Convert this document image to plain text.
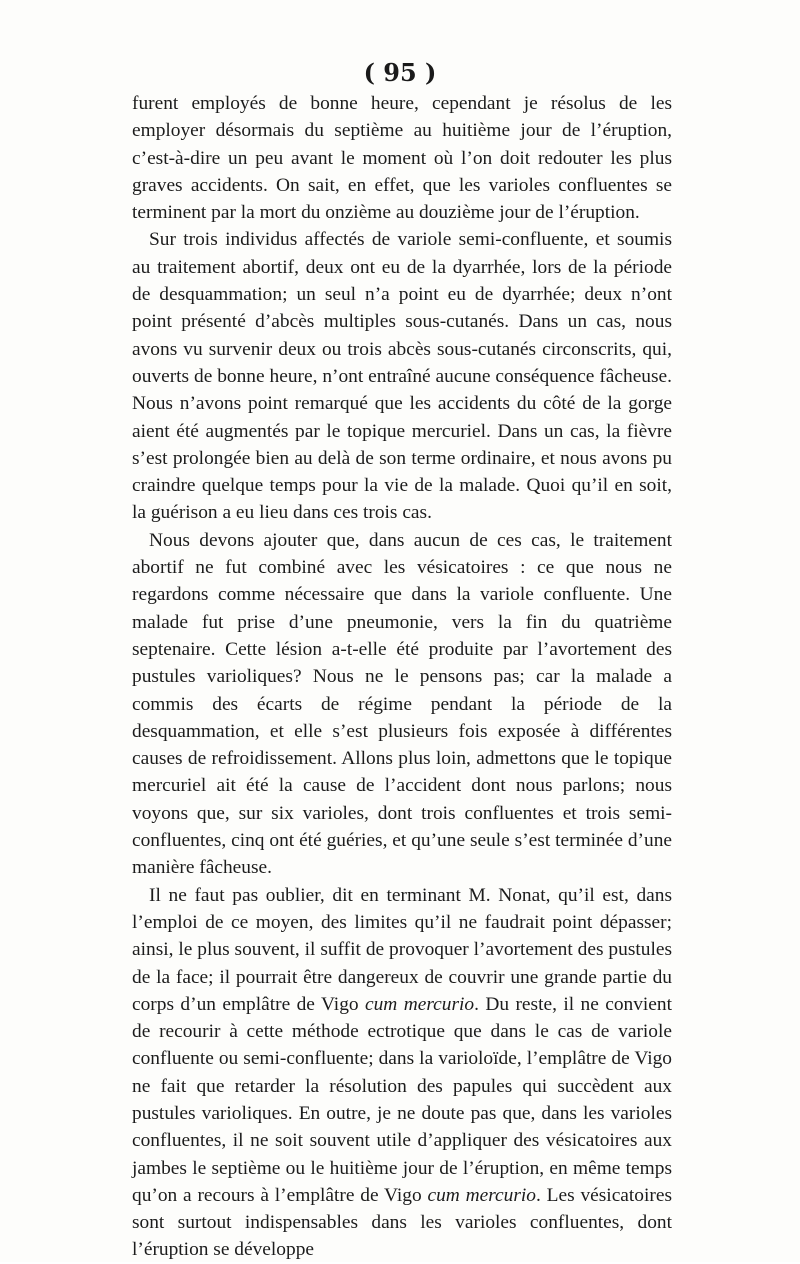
( 95 )

furent employés de bonne heure, cependant je résolus de les employer désormais du septième au huitième jour de l’éruption, c’est-à-dire un peu avant le moment où l’on doit redouter les plus graves accidents. On sait, en effet, que les varioles confluentes se terminent par la mort du onzième au douzième jour de l’éruption.

Sur trois individus affectés de variole semi-confluente, et soumis au traitement abortif, deux ont eu de la dyarrhée, lors de la période de desquammation; un seul n’a point eu de dyarrhée; deux n’ont point présenté d’abcès multiples sous-cutanés. Dans un cas, nous avons vu survenir deux ou trois abcès sous-cutanés circonscrits, qui, ouverts de bonne heure, n’ont entraîné aucune conséquence fâcheuse. Nous n’avons point remarqué que les accidents du côté de la gorge aient été augmentés par le topique mercuriel. Dans un cas, la fièvre s’est prolongée bien au delà de son terme ordinaire, et nous avons pu craindre quelque temps pour la vie de la malade. Quoi qu’il en soit, la guérison a eu lieu dans ces trois cas.

Nous devons ajouter que, dans aucun de ces cas, le traitement abortif ne fut combiné avec les vésicatoires : ce que nous ne regardons comme nécessaire que dans la variole confluente. Une malade fut prise d’une pneumonie, vers la fin du quatrième septenaire. Cette lésion a-t-elle été produite par l’avortement des pustules varioliques? Nous ne le pensons pas; car la malade a commis des écarts de régime pendant la période de la desquammation, et elle s’est plusieurs fois exposée à différentes causes de refroidissement. Allons plus loin, admettons que le topique mercuriel ait été la cause de l’accident dont nous parlons; nous voyons que, sur six varioles, dont trois confluentes et trois semi-confluentes, cinq ont été guéries, et qu’une seule s’est terminée d’une manière fâcheuse.

Il ne faut pas oublier, dit en terminant M. Nonat, qu’il est, dans l’emploi de ce moyen, des limites qu’il ne faudrait point dépasser; ainsi, le plus souvent, il suffit de provoquer l’avortement des pustules de la face; il pourrait être dangereux de couvrir une grande partie du corps d’un emplâtre de Vigo cum mercurio. Du reste, il ne convient de recourir à cette méthode ectrotique que dans le cas de variole confluente ou semi-confluente; dans la varioloïde, l’emplâtre de Vigo ne fait que retarder la résolution des papules qui succèdent aux pustules varioliques. En outre, je ne doute pas que, dans les varioles confluentes, il ne soit souvent utile d’appliquer des vésicatoires aux jambes le septième ou le huitième jour de l’éruption, en même temps qu’on a recours à l’emplâtre de Vigo cum mercurio. Les vésicatoires sont surtout indispensables dans les varioles confluentes, dont l’éruption se développe
